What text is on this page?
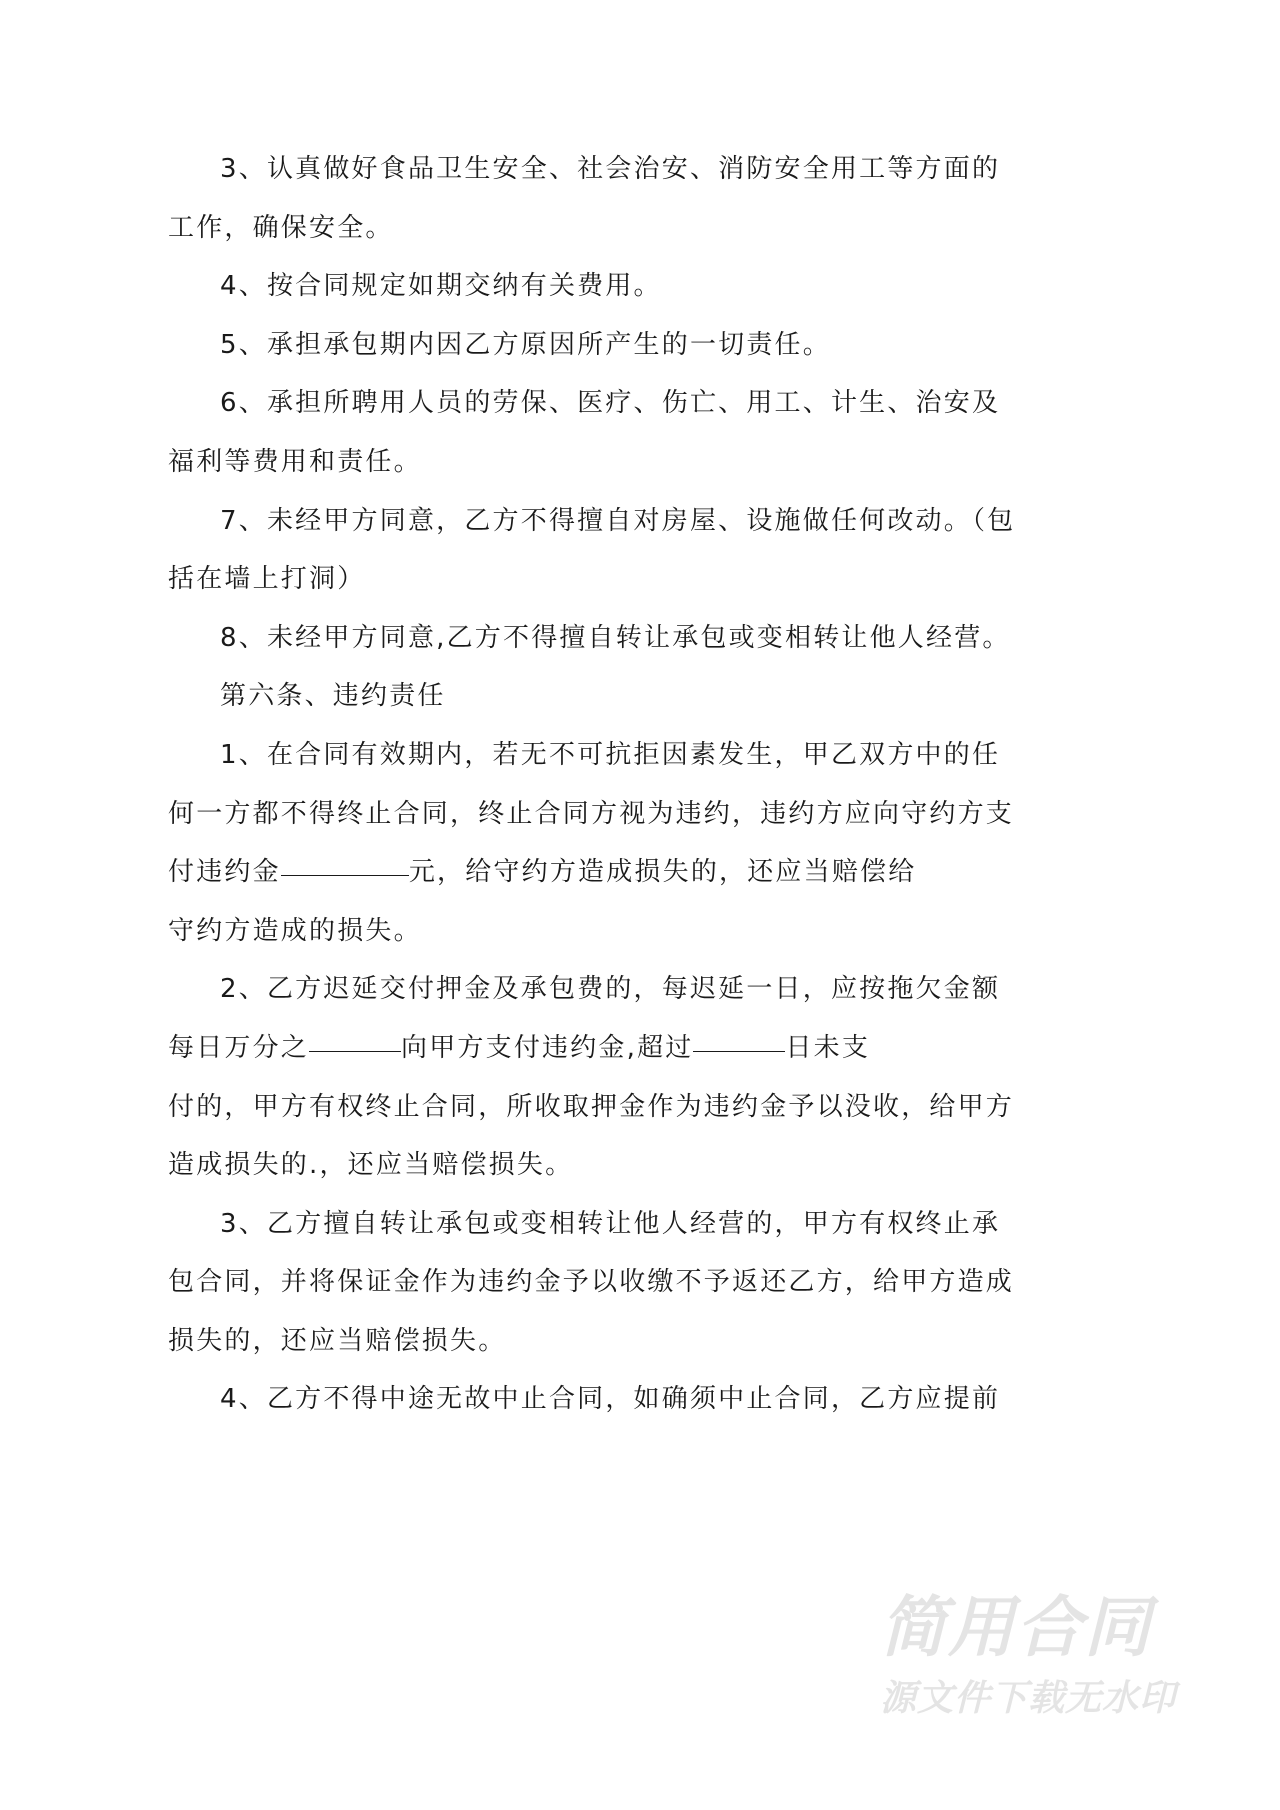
3、认真做好食品卫生安全、社会治安、消防安全用工等方面的
工作，确保安全。
4、按合同规定如期交纳有关费用。
5、承担承包期内因乙方原因所产生的一切责任。
6、承担所聘用人员的劳保、医疗、伤亡、用工、计生、治安及
福利等费用和责任。
7、未经甲方同意，乙方不得擅自对房屋、设施做任何改动。（包
括在墙上打洞）
8、未经甲方同意,乙方不得擅自转让承包或变相转让他人经营。
第六条、违约责任
1、在合同有效期内，若无不可抗拒因素发生，甲乙双方中的任
何一方都不得终止合同，终止合同方视为违约，违约方应向守约方支
付违约金	元，给守约方造成损失的，还应当赔偿给
守约方造成的损失。
2、乙方迟延交付押金及承包费的，每迟延一日，应按拖欠金额
每日万分之	向甲方支付违约金,超过	日未支
付的，甲方有权终止合同，所收取押金作为违约金予以没收，给甲方
造成损失的.，还应当赔偿损失。
3、乙方擅自转让承包或变相转让他人经营的，甲方有权终止承
包合同，并将保证金作为违约金予以收缴不予返还乙方，给甲方造成
损失的，还应当赔偿损失。
4、乙方不得中途无故中止合同，如确须中止合同，乙方应提前
简用合同
源文件下载无水印
